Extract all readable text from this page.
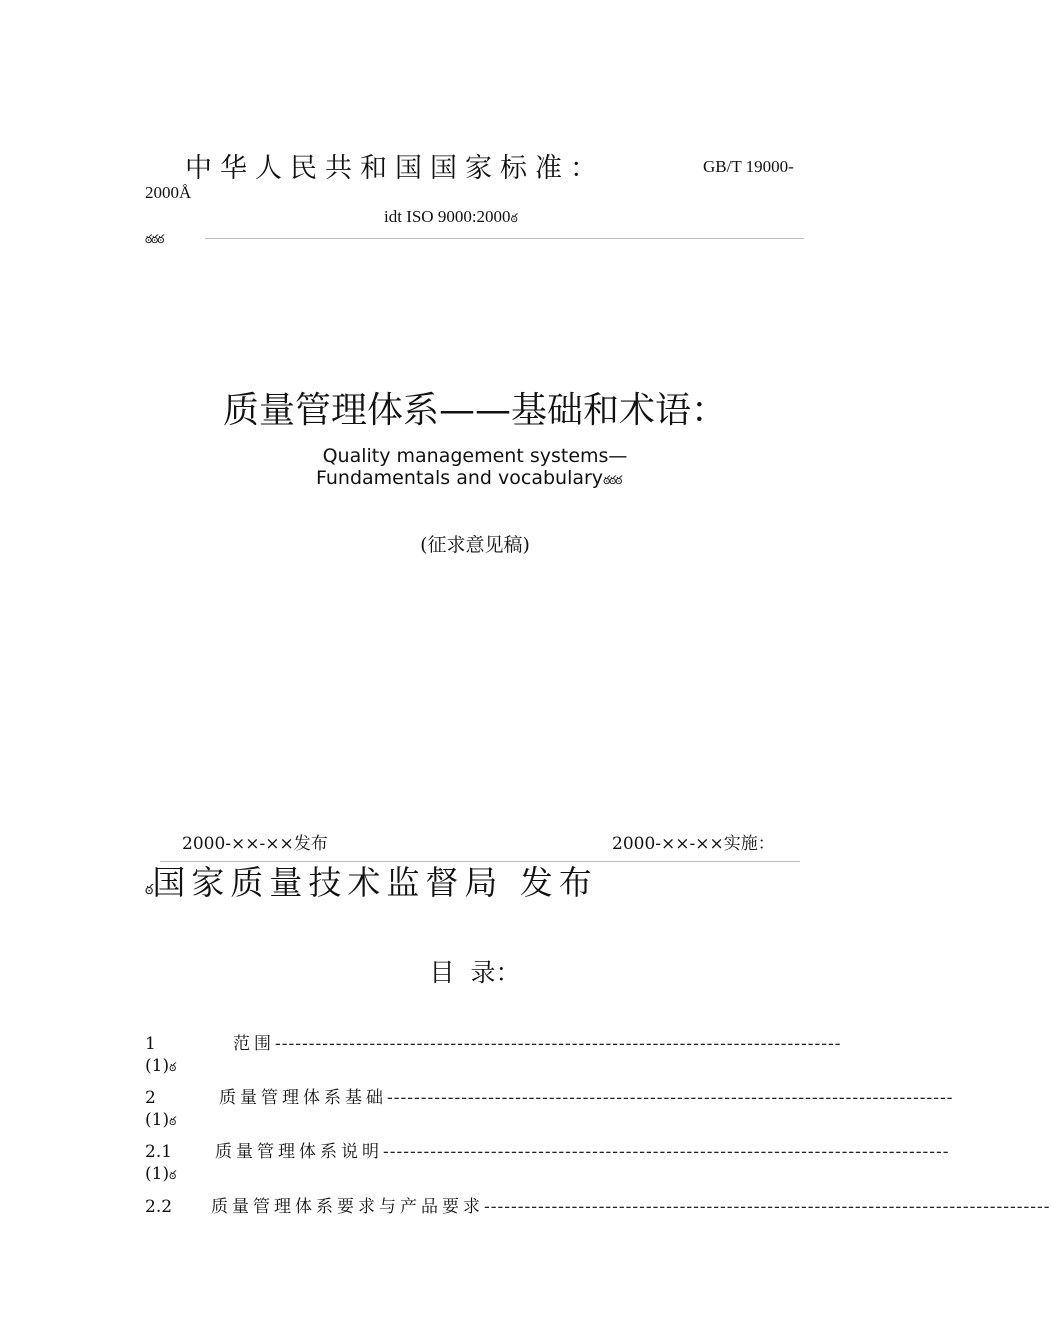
中华人民共和国国家标准：	GB/T 19000-
2000Å
idt ISO 9000:2000ఠ
ఠఠఠ
质量管理体系——基础和术语：
Quality management systems—
Fundamentals and vocabularyఠఠఠ
(征求意见稿)
2000-××-××发布	2000-××-××实施：
ఠ国家质量技术监督局 发布
目  录：
1	范围 ------------------------------------------------------------------------------------
(1)ఠ
2	质量管理体系基础 ------------------------------------------------------------------------------------
(1)ఠ
2.1	质量管理体系说明 ------------------------------------------------------------------------------------
(1)ఠ
2.2	质量管理体系要求与产品要求 ------------------------------------------------------------------------------------
